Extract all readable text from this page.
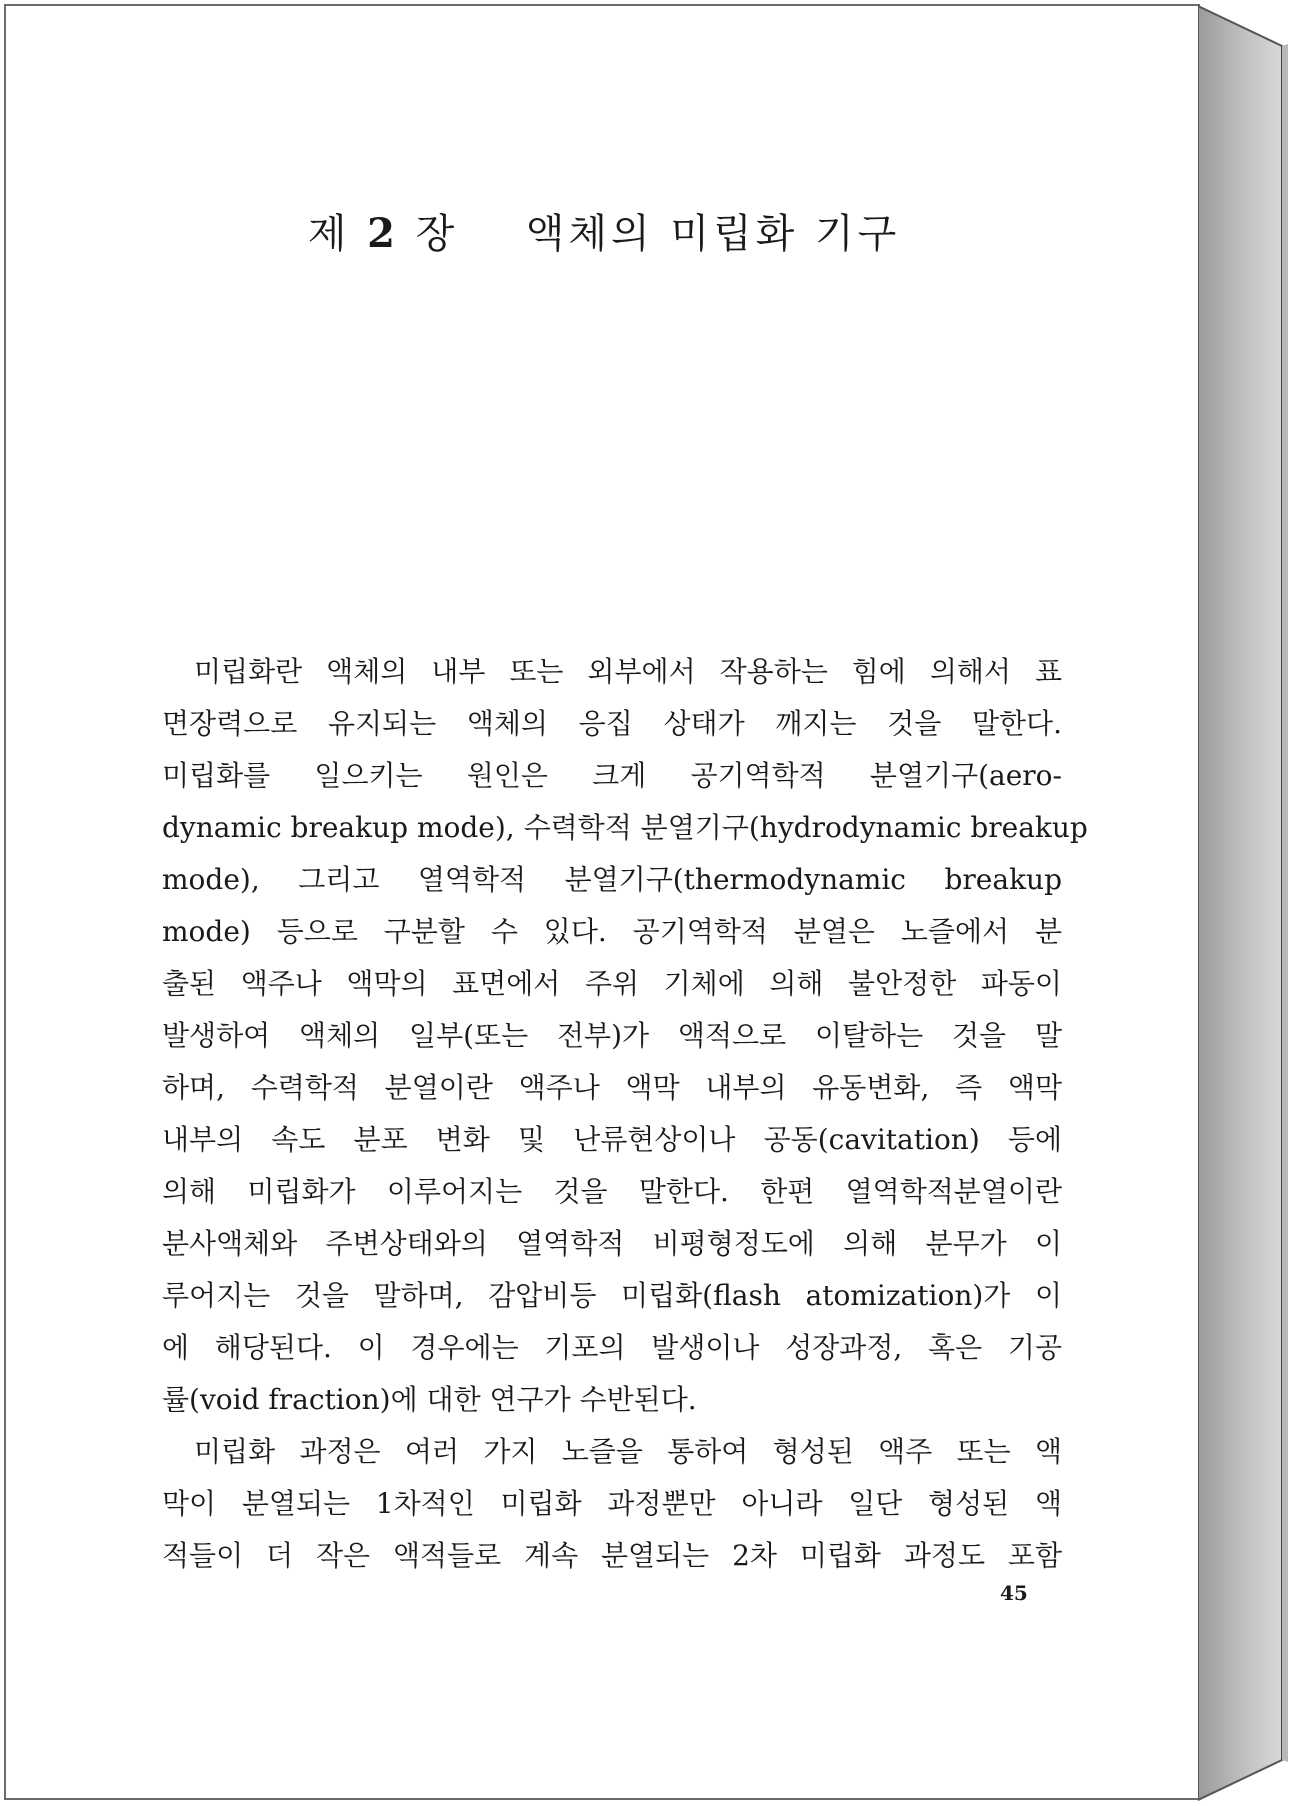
제 2 장 액체의 미립화 기구
미립화란 액체의 내부 또는 외부에서 작용하는 힘에 의해서 표
면장력으로 유지되는 액체의 응집 상태가 깨지는 것을 말한다.
미립화를 일으키는 원인은 크게 공기역학적 분열기구(aero-
dynamic breakup mode), 수력학적 분열기구(hydrodynamic breakup
mode), 그리고 열역학적 분열기구(thermodynamic breakup
mode) 등으로 구분할 수 있다. 공기역학적 분열은 노즐에서 분
출된 액주나 액막의 표면에서 주위 기체에 의해 불안정한 파동이
발생하여 액체의 일부(또는 전부)가 액적으로 이탈하는 것을 말
하며, 수력학적 분열이란 액주나 액막 내부의 유동변화, 즉 액막
내부의 속도 분포 변화 및 난류현상이나 공동(cavitation) 등에
의해 미립화가 이루어지는 것을 말한다. 한편 열역학적분열이란
분사액체와 주변상태와의 열역학적 비평형정도에 의해 분무가 이
루어지는 것을 말하며, 감압비등 미립화(flash atomization)가 이
에 해당된다. 이 경우에는 기포의 발생이나 성장과정, 혹은 기공
률(void fraction)에 대한 연구가 수반된다.
미립화 과정은 여러 가지 노즐을 통하여 형성된 액주 또는 액
막이 분열되는 1차적인 미립화 과정뿐만 아니라 일단 형성된 액
적들이 더 작은 액적들로 계속 분열되는 2차 미립화 과정도 포함
45
